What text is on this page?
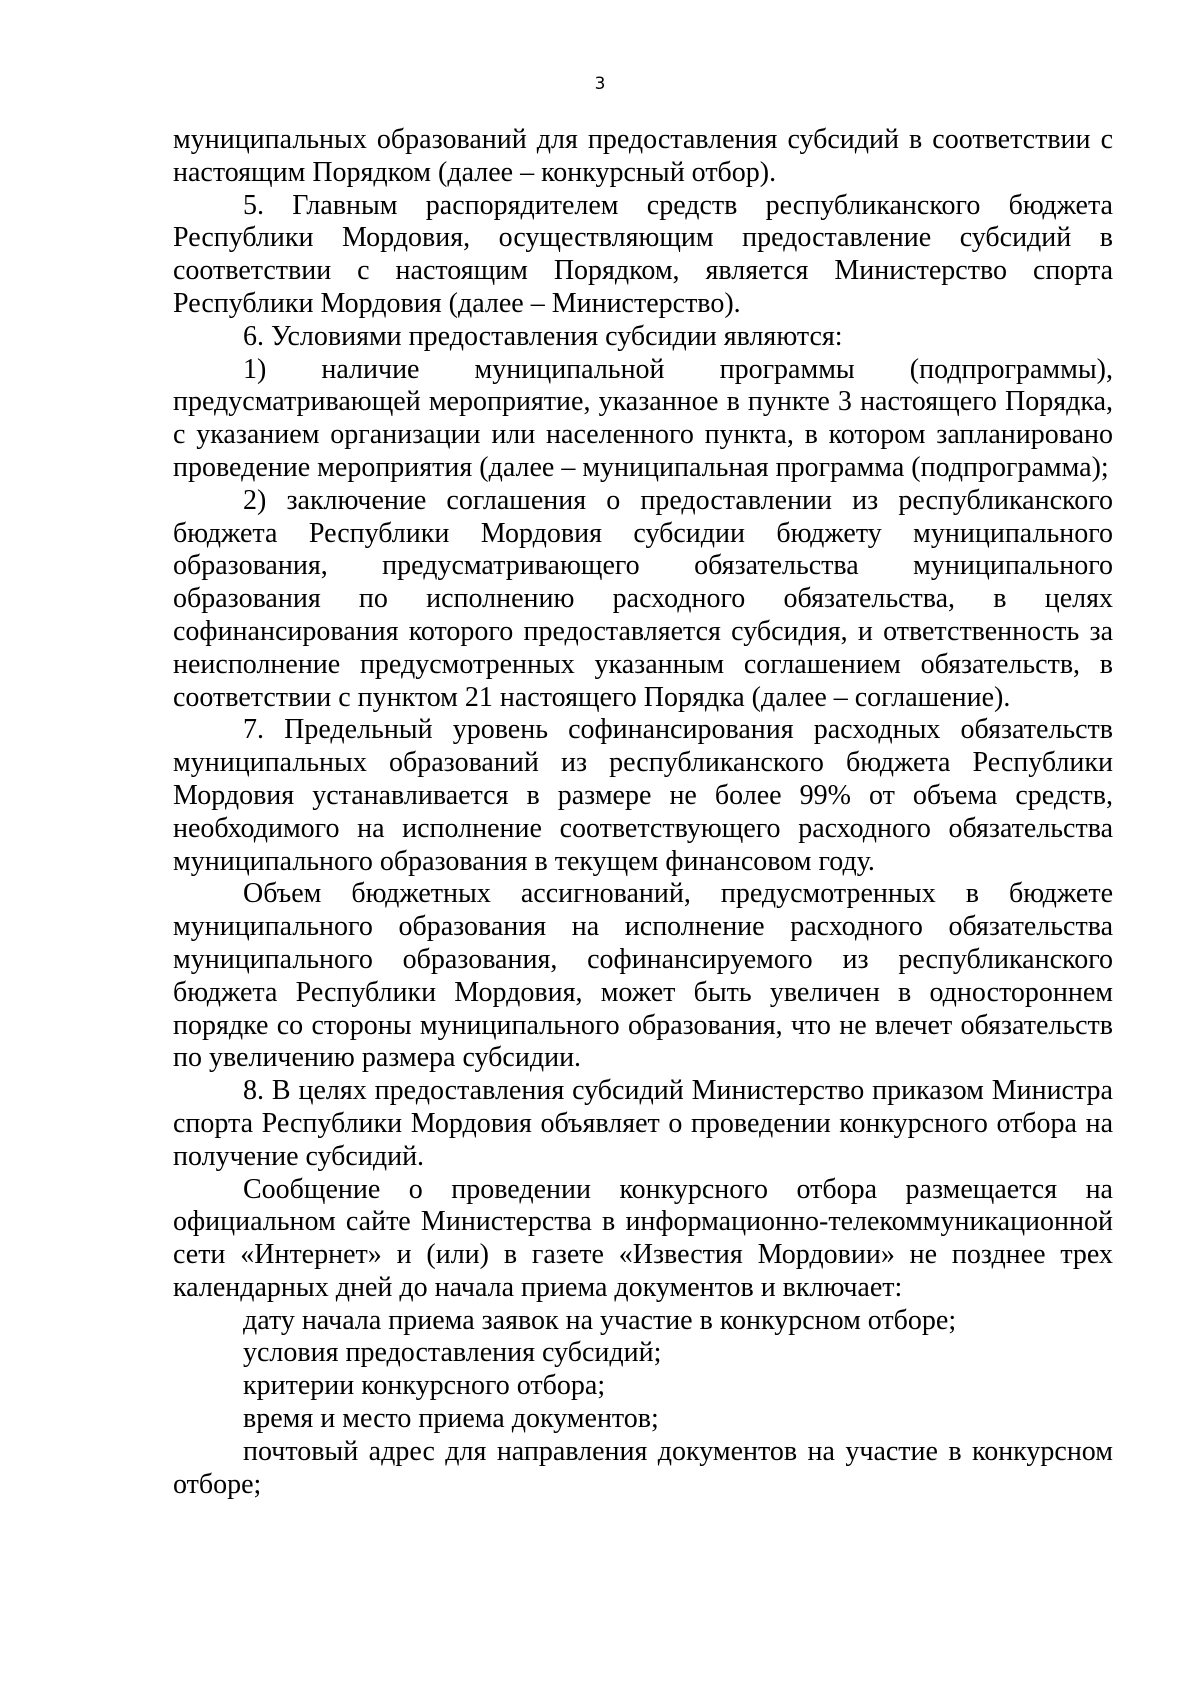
3

муниципальных образований для предоставления субсидий в соответствии с настоящим Порядком (далее – конкурсный отбор).

5. Главным распорядителем средств республиканского бюджета Республики Мордовия, осуществляющим предоставление субсидий в соответствии с настоящим Порядком, является Министерство спорта Республики Мордовия (далее – Министерство).

6. Условиями предоставления субсидии являются:

1) наличие муниципальной программы (подпрограммы), предусматривающей мероприятие, указанное в пункте 3 настоящего Порядка, с указанием организации или населенного пункта, в котором запланировано проведение мероприятия (далее – муниципальная программа (подпрограмма);

2) заключение соглашения о предоставлении из республиканского бюджета Республики Мордовия субсидии бюджету муниципального образования, предусматривающего обязательства муниципального образования по исполнению расходного обязательства, в целях софинансирования которого предоставляется субсидия, и ответственность за неисполнение предусмотренных указанным соглашением обязательств, в соответствии с пунктом 21 настоящего Порядка (далее – соглашение).

7. Предельный уровень софинансирования расходных обязательств муниципальных образований из республиканского бюджета Республики Мордовия устанавливается в размере не более 99% от объема средств, необходимого на исполнение соответствующего расходного обязательства муниципального образования в текущем финансовом году.

Объем бюджетных ассигнований, предусмотренных в бюджете муниципального образования на исполнение расходного обязательства муниципального образования, софинансируемого из республиканского бюджета Республики Мордовия, может быть увеличен в одностороннем порядке со стороны муниципального образования, что не влечет обязательств по увеличению размера субсидии.

8. В целях предоставления субсидий Министерство приказом Министра спорта Республики Мордовия объявляет о проведении конкурсного отбора на получение субсидий.

Сообщение о проведении конкурсного отбора размещается на официальном сайте Министерства в информационно-телекоммуникационной сети «Интернет» и (или) в газете «Известия Мордовии» не позднее трех календарных дней до начала приема документов и включает:

дату начала приема заявок на участие в конкурсном отборе;

условия предоставления субсидий;

критерии конкурсного отбора;

время и место приема документов;

почтовый адрес для направления документов на участие в конкурсном отборе;
